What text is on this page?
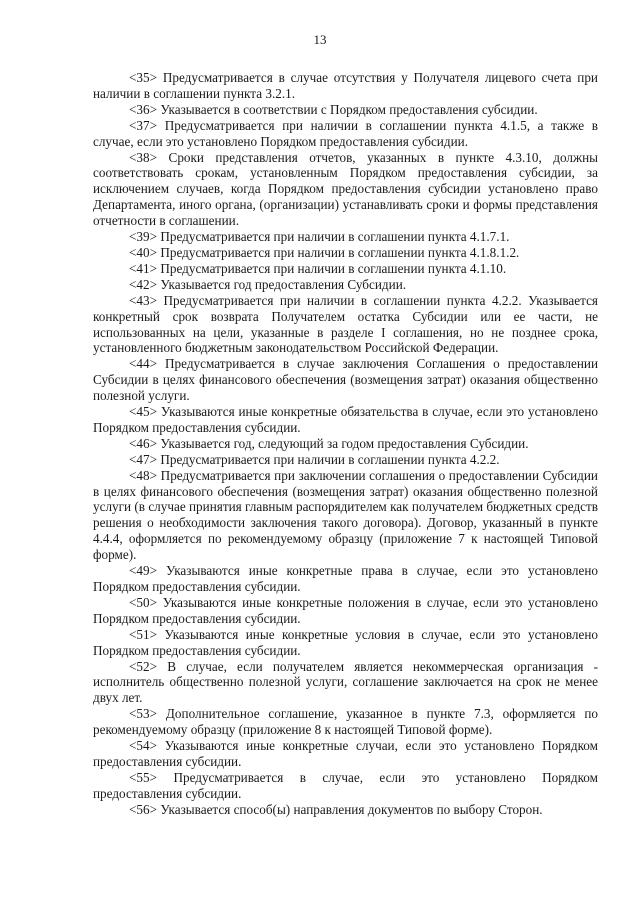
13

<35> Предусматривается в случае отсутствия у Получателя лицевого счета при наличии в соглашении пункта 3.2.1.

<36> Указывается в соответствии с Порядком предоставления субсидии.

<37> Предусматривается при наличии в соглашении пункта 4.1.5, а также в случае, если это установлено Порядком предоставления субсидии.

<38> Сроки представления отчетов, указанных в пункте 4.3.10, должны соответствовать срокам, установленным Порядком предоставления субсидии, за исключением случаев, когда Порядком предоставления субсидии установлено право Департамента, иного органа, (организации) устанавливать сроки и формы представления отчетности в соглашении.

<39> Предусматривается при наличии в соглашении пункта 4.1.7.1.

<40> Предусматривается при наличии в соглашении пункта 4.1.8.1.2.

<41> Предусматривается при наличии в соглашении пункта 4.1.10.

<42> Указывается год предоставления Субсидии.

<43> Предусматривается при наличии в соглашении пункта 4.2.2. Указывается конкретный срок возврата Получателем остатка Субсидии или ее части, не использованных на цели, указанные в разделе I соглашения, но не позднее срока, установленного бюджетным законодательством Российской Федерации.

<44> Предусматривается в случае заключения Соглашения о предоставлении Субсидии в целях финансового обеспечения (возмещения затрат) оказания общественно полезной услуги.

<45> Указываются иные конкретные обязательства в случае, если это установлено Порядком предоставления субсидии.

<46> Указывается год, следующий за годом предоставления Субсидии.

<47> Предусматривается при наличии в соглашении пункта 4.2.2.

<48> Предусматривается при заключении соглашения о предоставлении Субсидии в целях финансового обеспечения (возмещения затрат) оказания общественно полезной услуги (в случае принятия главным распорядителем как получателем бюджетных средств решения о необходимости заключения такого договора). Договор, указанный в пункте 4.4.4, оформляется по рекомендуемому образцу (приложение 7 к настоящей Типовой форме).

<49> Указываются иные конкретные права в случае, если это установлено Порядком предоставления субсидии.

<50> Указываются иные конкретные положения в случае, если это установлено Порядком предоставления субсидии.

<51> Указываются иные конкретные условия в случае, если это установлено Порядком предоставления субсидии.

<52> В случае, если получателем является некоммерческая организация - исполнитель общественно полезной услуги, соглашение заключается на срок не менее двух лет.

<53> Дополнительное соглашение, указанное в пункте 7.3, оформляется по рекомендуемому образцу (приложение 8 к настоящей Типовой форме).

<54> Указываются иные конкретные случаи, если это установлено Порядком предоставления субсидии.

<55> Предусматривается в случае, если это установлено Порядком предоставления субсидии.

<56> Указывается способ(ы) направления документов по выбору Сторон.
